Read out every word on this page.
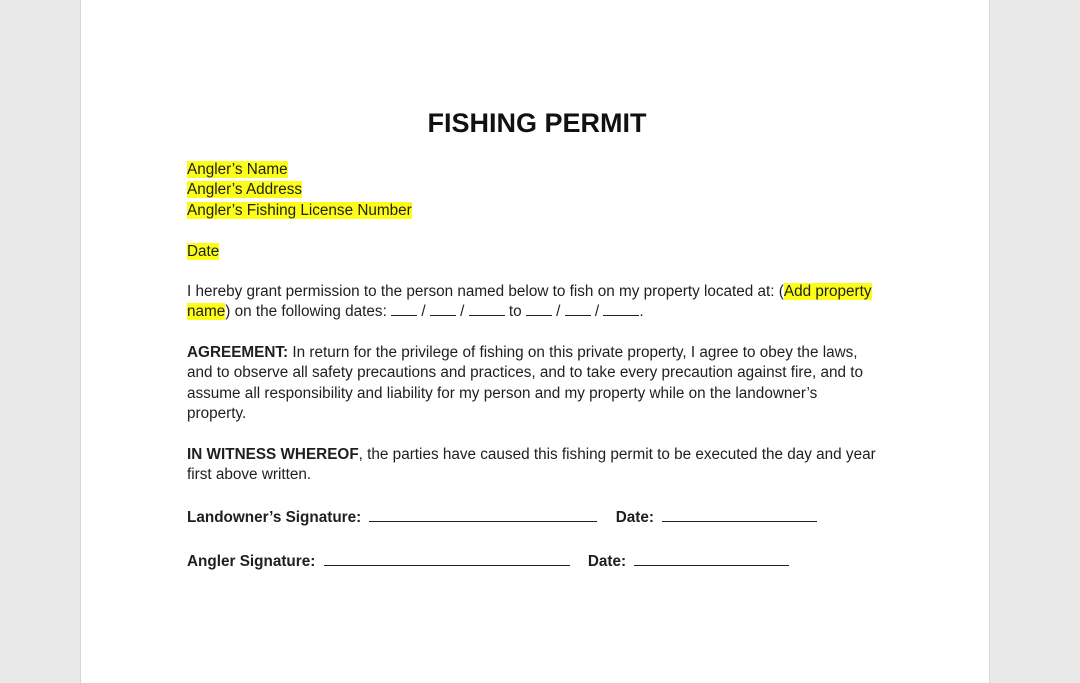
FISHING PERMIT
Angler’s Name
Angler’s Address
Angler’s Fishing License Number
Date

I hereby grant permission to the person named below to fish on my property located at: (Add property name) on the following dates:  /  /	to  /  / .

AGREEMENT: In return for the privilege of fishing on this private property, I agree to obey the laws, and to observe all safety precautions and practices, and to take every precaution against fire, and to assume all responsibility and liability for my person and my property while on the landowner’s property.

IN WITNESS WHEREOF, the parties have caused this fishing permit to be executed the day and year first above written.

Landowner’s Signature:	Date:
Angler Signature:	Date:
